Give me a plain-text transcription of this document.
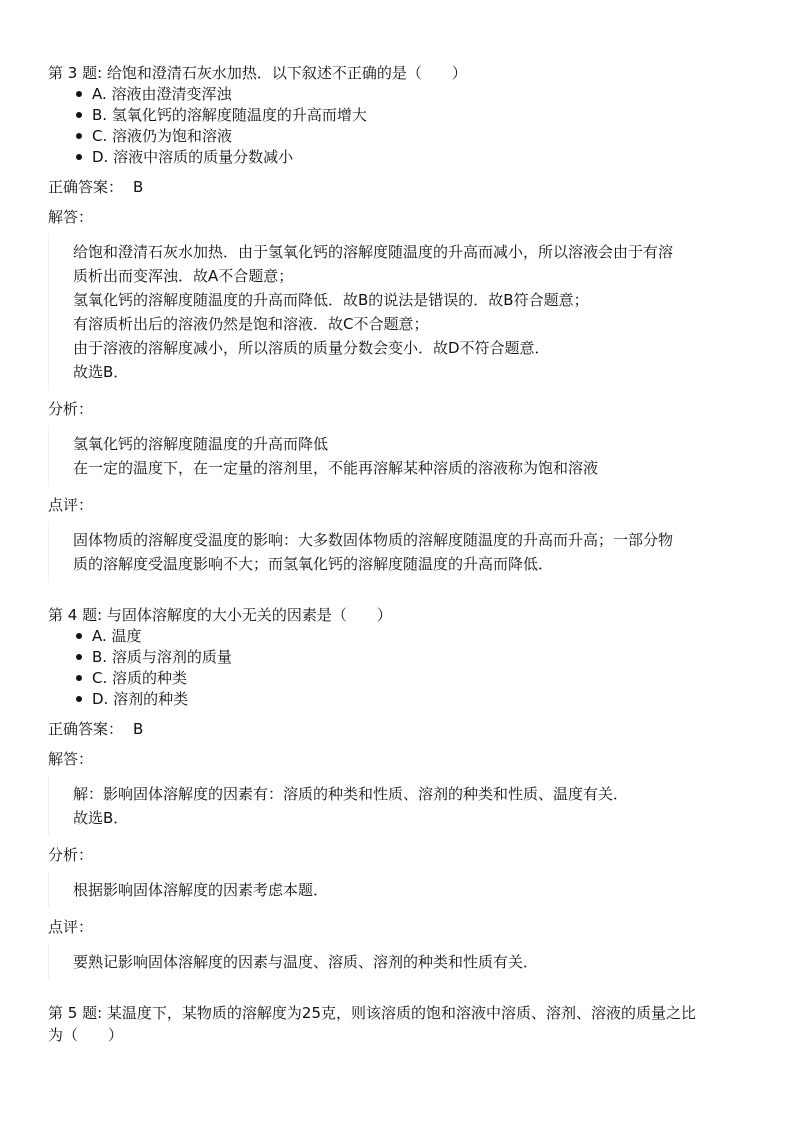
第 3 题: 给饱和澄清石灰水加热．以下叙述不正确的是（　　）

A. 溶液由澄清变浑浊
B. 氢氧化钙的溶解度随温度的升高而增大
C. 溶液仍为饱和溶液
D. 溶液中溶质的质量分数减小
正确答案： B
解答：

给饱和澄清石灰水加热．由于氢氧化钙的溶解度随温度的升高而减小，所以溶液会由于有溶

质析出而变浑浊．故A不合题意；

氢氧化钙的溶解度随温度的升高而降低．故B的说法是错误的．故B符合题意；

有溶质析出后的溶液仍然是饱和溶液．故C不合题意；

由于溶液的溶解度减小，所以溶质的质量分数会变小．故D不符合题意．

故选B．

分析：

氢氧化钙的溶解度随温度的升高而降低

在一定的温度下，在一定量的溶剂里，不能再溶解某种溶质的溶液称为饱和溶液

点评：

固体物质的溶解度受温度的影响：大多数固体物质的溶解度随温度的升高而升高；一部分物

质的溶解度受温度影响不大；而氢氧化钙的溶解度随温度的升高而降低．

第 4 题: 与固体溶解度的大小无关的因素是（　　）

A. 温度
B. 溶质与溶剂的质量
C. 溶质的种类
D. 溶剂的种类
正确答案： B
解答：

解：影响固体溶解度的因素有：溶质的种类和性质、溶剂的种类和性质、温度有关．

故选B．

分析：

根据影响固体溶解度的因素考虑本题．

点评：

要熟记影响固体溶解度的因素与温度、溶质、溶剂的种类和性质有关．

第 5 题: 某温度下，某物质的溶解度为25克，则该溶质的饱和溶液中溶质、溶剂、溶液的质量之比

为（　　）
